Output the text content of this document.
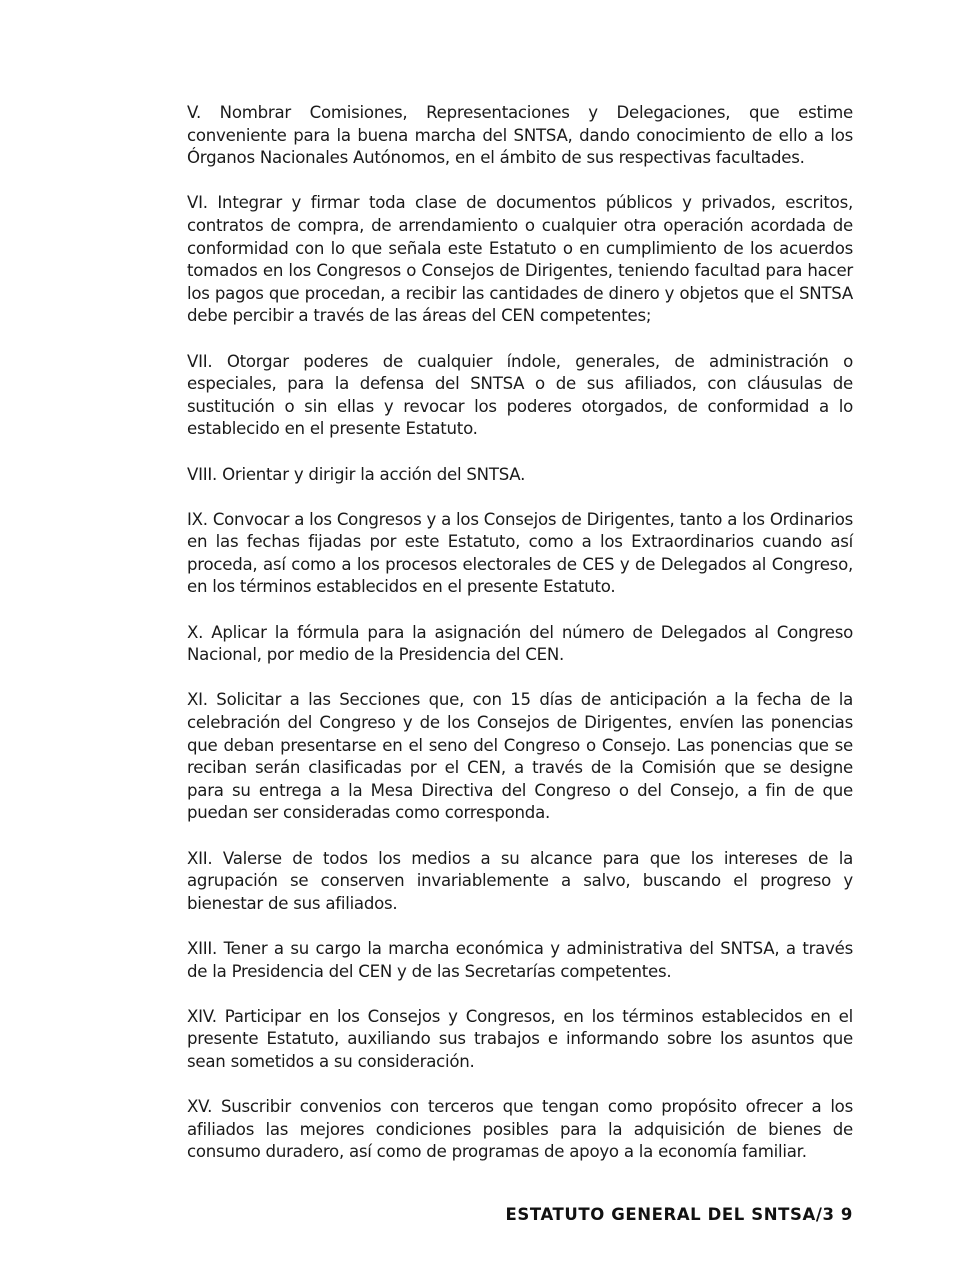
V. Nombrar Comisiones, Representaciones y Delegaciones, que estime conveniente para la buena marcha del SNTSA, dando conocimiento de ello a los Órganos Nacionales Autónomos, en el ámbito de sus respectivas facultades.

VI. Integrar y firmar toda clase de documentos públicos y privados, escritos, contratos de compra, de arrendamiento o cualquier otra operación acordada de conformidad con lo que señala este Estatuto o en cumplimiento de los acuerdos tomados en los Congresos o Consejos de Dirigentes, teniendo facultad para hacer los pagos que procedan, a recibir las cantidades de dinero y objetos que el SNTSA debe percibir a través de las áreas del CEN competentes;

VII. Otorgar poderes de cualquier índole, generales, de administración o especiales, para la defensa del SNTSA o de sus afiliados, con cláusulas de sustitución o sin ellas y revocar los poderes otorgados, de conformidad a lo establecido en el presente Estatuto.

VIII. Orientar y dirigir la acción del SNTSA.

IX. Convocar a los Congresos y a los Consejos de Dirigentes, tanto a los Ordinarios en las fechas fijadas por este Estatuto, como a los Extraordinarios cuando así proceda, así como a los procesos electorales de CES y de Delegados al Congreso, en los términos establecidos en el presente Estatuto.

X. Aplicar la fórmula para la asignación del número de Delegados al Congreso Nacional, por medio de la Presidencia del CEN.

XI. Solicitar a las Secciones que, con 15 días de anticipación a la fecha de la celebración del Congreso y de los Consejos de Dirigentes, envíen las ponencias que deban presentarse en el seno del Congreso o Consejo. Las ponencias que se reciban serán clasificadas por el CEN, a través de la Comisión que se designe para su entrega a la Mesa Directiva del Congreso o del Consejo, a fin de que puedan ser consideradas como corresponda.

XII. Valerse de todos los medios a su alcance para que los intereses de la agrupación se conserven invariablemente a salvo, buscando el progreso y bienestar de sus afiliados.

XIII. Tener a su cargo la marcha económica y administrativa del SNTSA, a través de la Presidencia del CEN y de las Secretarías competentes.

XIV. Participar en los Consejos y Congresos, en los términos establecidos en el presente Estatuto, auxiliando sus trabajos e informando sobre los asuntos que sean sometidos a su consideración.

XV. Suscribir convenios con terceros que tengan como propósito ofrecer a los afiliados las mejores condiciones posibles para la adquisición de bienes de consumo duradero, así como de programas de apoyo a la economía familiar.

ESTATUTO GENERAL DEL SNTSA/3 9
